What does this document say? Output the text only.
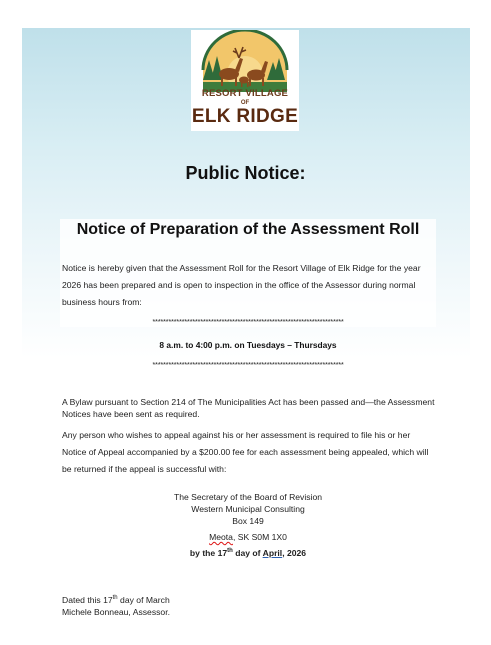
RESORT VILLAGE
OF
ELK RIDGE
Public Notice:
Notice of Preparation of the Assessment Roll
Notice is hereby given that the Assessment Roll for the Resort Village of Elk Ridge for the year 2026 has been prepared and is open to inspection in the office of the Assessor during normal business hours from:
************************************************************************
8 a.m. to 4:00 p.m. on Tuesdays – Thursdays
************************************************************************
A Bylaw pursuant to Section 214 of The Municipalities Act has been passed and—the Assessment Notices have been sent as required.
Any person who wishes to appeal against his or her assessment is required to file his or her Notice of Appeal accompanied by a $200.00 fee for each assessment being appealed, which will be returned if the appeal is successful with:
The Secretary of the Board of Revision
Western Municipal Consulting
Box 149
Meota, SK S0M 1X0
by the 17th day of April, 2026
Dated this 17th day of March
Michele Bonneau, Assessor.
